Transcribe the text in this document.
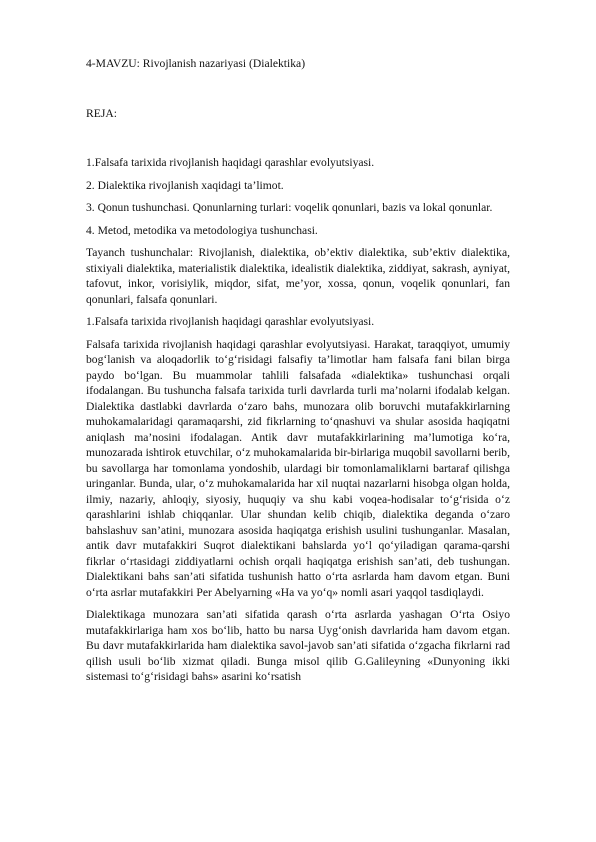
4-MAVZU: Rivojlanish nazariyasi (Dialektika)

REJA:

1.Falsafa tarixida rivojlanish haqidagi qarashlar evolyutsiyasi.

2. Dialektika rivojlanish xaqidagi ta’limot.

3. Qonun tushunchasi. Qonunlarning turlari: voqelik qonunlari, bazis va lokal qonunlar.

4. Metod, metodika va metodologiya tushunchasi.

Tayanch tushunchalar: Rivojlanish, dialektika, ob’ektiv dialektika, sub’ektiv dialektika, stixiyali dialektika, materialistik dialektika, idealistik dialektika, ziddiyat, sakrash, ayniyat, tafovut, inkor, vorisiylik, miqdor, sifat, me’yor, xossa, qonun, voqelik qonunlari, fan qonunlari, falsafa qonunlari.

1.Falsafa tarixida rivojlanish haqidagi qarashlar evolyutsiyasi.

Falsafa tarixida rivojlanish haqidagi qarashlar evolyutsiyasi. Harakat, taraqqiyot, umumiy bog‘lanish va aloqadorlik to‘g‘risidagi falsafiy ta’limotlar ham falsafa fani bilan birga paydo bo‘lgan. Bu muammolar tahlili falsafada «dialektika» tushunchasi orqali ifodalangan. Bu tushuncha falsafa tarixida turli davrlarda turli ma’nolarni ifodalab kelgan. Dialektika dastlabki davrlarda o‘zaro bahs, munozara olib boruvchi mutafakkirlarning muhokamalaridagi qaramaqarshi, zid fikrlarning to‘qnashuvi va shular asosida haqiqatni aniqlash ma’nosini ifodalagan. Antik davr mutafakkirlarining ma’lumotiga ko‘ra, munozarada ishtirok etuvchilar, o‘z muhokamalarida bir-birlariga muqobil savollarni berib, bu savollarga har tomonlama yondoshib, ulardagi bir tomonlamaliklarni bartaraf qilishga uringanlar. Bunda, ular, o‘z muhokamalarida har xil nuqtai nazarlarni hisobga olgan holda, ilmiy, nazariy, ahloqiy, siyosiy, huquqiy va shu kabi voqea-hodisalar to‘g‘risida o‘z qarashlarini ishlab chiqqanlar. Ular shundan kelib chiqib, dialektika deganda o‘zaro bahslashuv san’atini, munozara asosida haqiqatga erishish usulini tushunganlar. Masalan, antik davr mutafakkiri Suqrot dialektikani bahslarda yo‘l qo‘yiladigan qarama-qarshi fikrlar o‘rtasidagi ziddiyatlarni ochish orqali haqiqatga erishish san’ati, deb tushungan. Dialektikani bahs san’ati sifatida tushunish hatto o‘rta asrlarda ham davom etgan. Buni o‘rta asrlar mutafakkiri Per Abelyarning «Ha va yo‘q» nomli asari yaqqol tasdiqlaydi.

Dialektikaga munozara san’ati sifatida qarash o‘rta asrlarda yashagan O‘rta Osiyo mutafakkirlariga ham xos bo‘lib, hatto bu narsa Uyg‘onish davrlarida ham davom etgan. Bu davr mutafakkirlarida ham dialektika savol-javob san’ati sifatida o‘zgacha fikrlarni rad qilish usuli bo‘lib xizmat qiladi. Bunga misol qilib G.Galileyning «Dunyoning ikki sistemasi to‘g‘risidagi bahs» asarini ko‘rsatish
